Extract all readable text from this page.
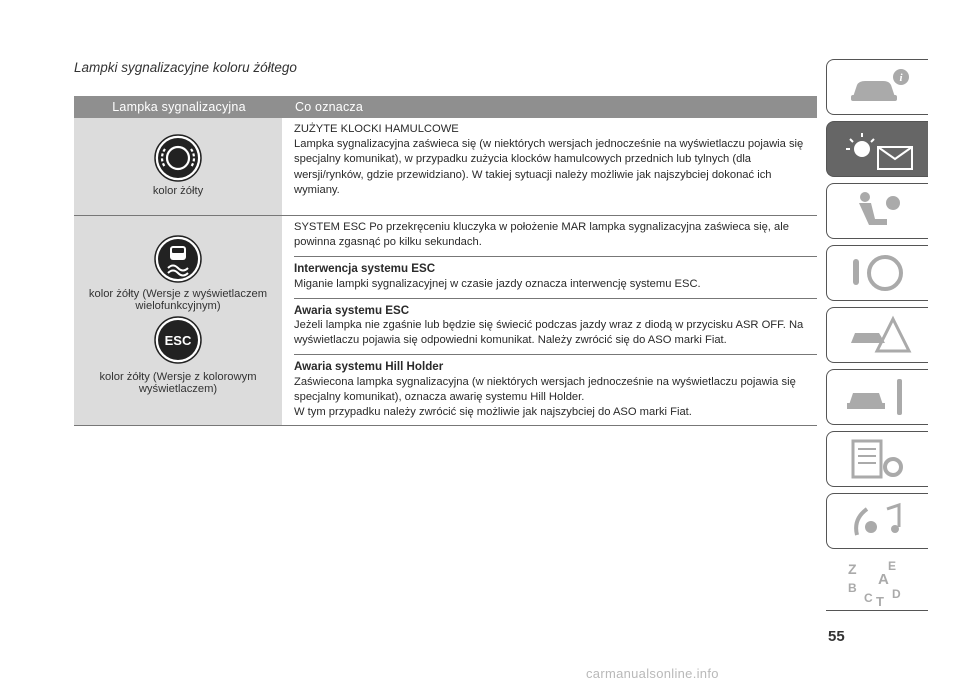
Lampki sygnalizacyjne koloru żółtego
Lampka sygnalizacyjna	Co oznacza
kolor żółty
ZUŻYTE KLOCKI HAMULCOWE
Lampka sygnalizacyjna zaświeca się (w niektórych wersjach jednocześnie na wyświetlaczu pojawia się specjalny komunikat), w przypadku zużycia klocków hamulcowych przednich lub tylnych (dla wersji/rynków, gdzie przewidziano). W takiej sytuacji należy możliwie jak najszybciej dokonać ich wymiany.
kolor żółty (Wersje z wyświetlaczem wielofunkcyjnym)
ESC
kolor żółty (Wersje z kolorowym wyświetlaczem)
SYSTEM ESC Po przekręceniu kluczyka w położenie MAR lampka sygnalizacyjna zaświeca się, ale powinna zgasnąć po kilku sekundach.
Interwencja systemu ESC
Miganie lampki sygnalizacyjnej w czasie jazdy oznacza interwencję systemu ESC.
Awaria systemu ESC
Jeżeli lampka nie zgaśnie lub będzie się świecić podczas jazdy wraz z diodą w przycisku ASR OFF. Na wyświetlaczu pojawia się odpowiedni komunikat. Należy zwrócić się do ASO marki Fiat.
Awaria systemu Hill Holder
Zaświecona lampka sygnalizacyjna (w niektórych wersjach jednocześnie na wyświetlaczu pojawia się specjalny komunikat), oznacza awarię systemu Hill Holder.
W tym przypadku należy zwrócić się możliwie jak najszybciej do ASO marki Fiat.
i
Z	E
A
B
C D
T
55
carmanualsonline.info
